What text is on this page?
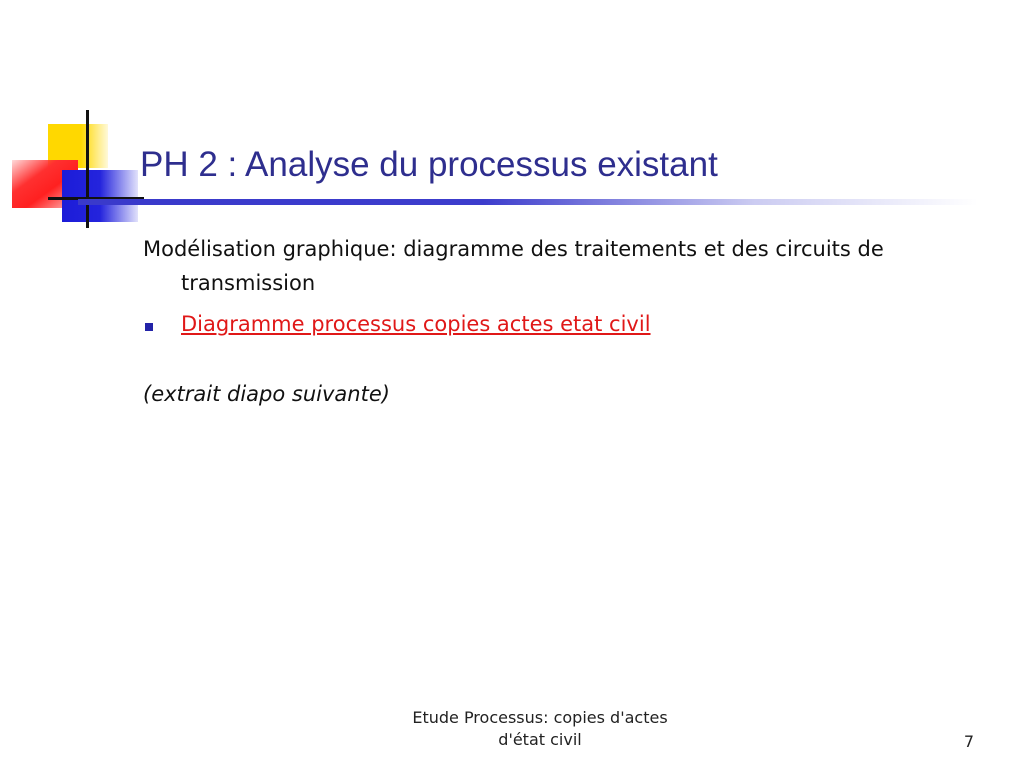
PH 2 : Analyse du processus existant

Modélisation graphique: diagramme des traitements et des circuits de transmission

Diagramme processus copies actes etat civil
(extrait diapo suivante)
Etude Processus: copies d'actes
d'état civil	7
